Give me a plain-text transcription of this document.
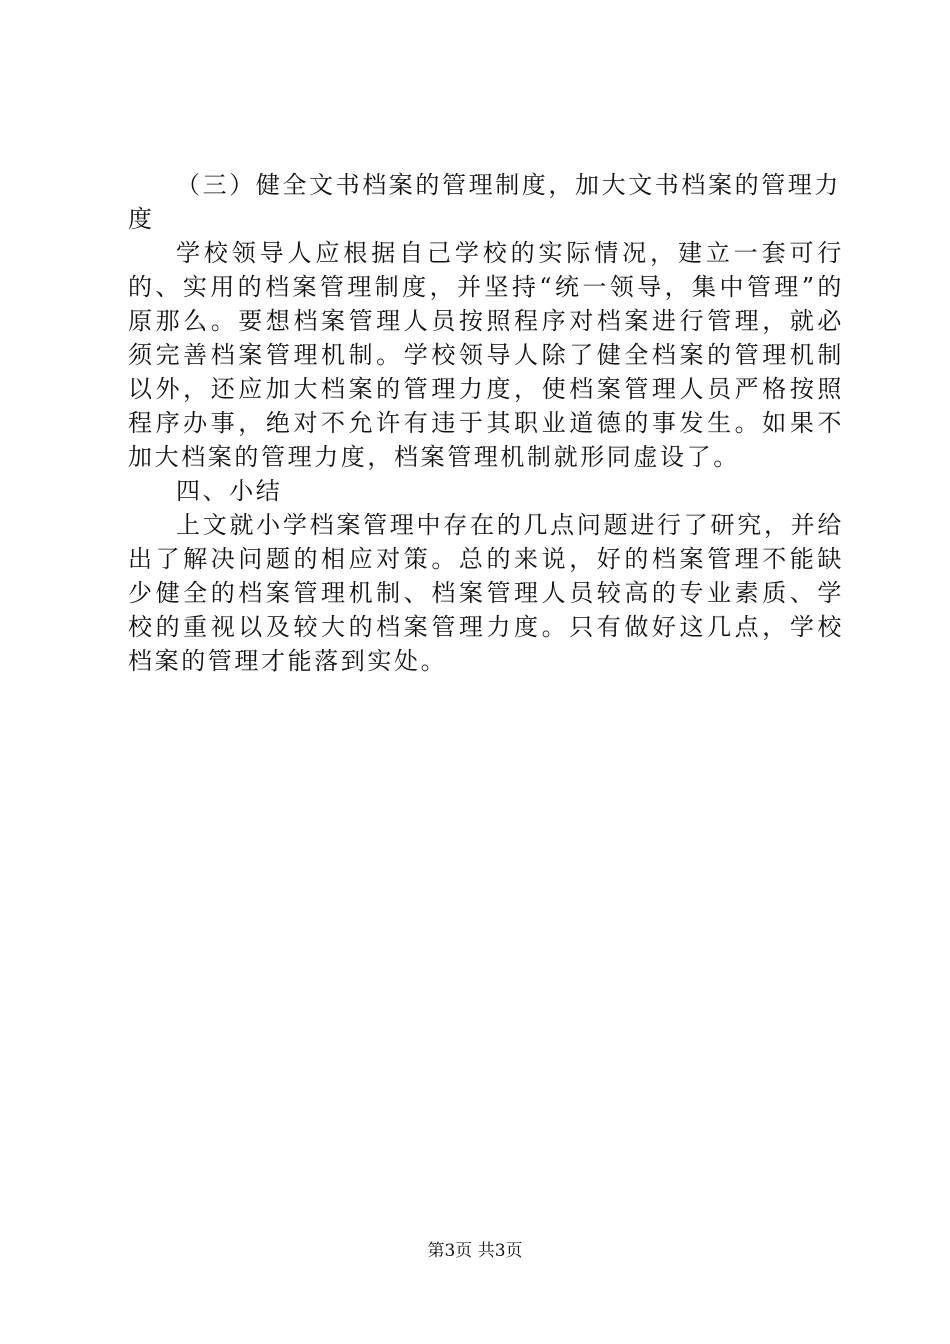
（三）健全文书档案的管理制度，加大文书档案的管理力度

学校领导人应根据自己学校的实际情况，建立一套可行的、实用的档案管理制度，并坚持“统一领导，集中管理”的原那么。要想档案管理人员按照程序对档案进行管理，就必须完善档案管理机制。学校领导人除了健全档案的管理机制以外，还应加大档案的管理力度，使档案管理人员严格按照程序办事，绝对不允许有违于其职业道德的事发生。如果不加大档案的管理力度，档案管理机制就形同虚设了。

四、小结

上文就小学档案管理中存在的几点问题进行了研究，并给出了解决问题的相应对策。总的来说，好的档案管理不能缺少健全的档案管理机制、档案管理人员较高的专业素质、学校的重视以及较大的档案管理力度。只有做好这几点，学校档案的管理才能落到实处。

第3页 共3页
